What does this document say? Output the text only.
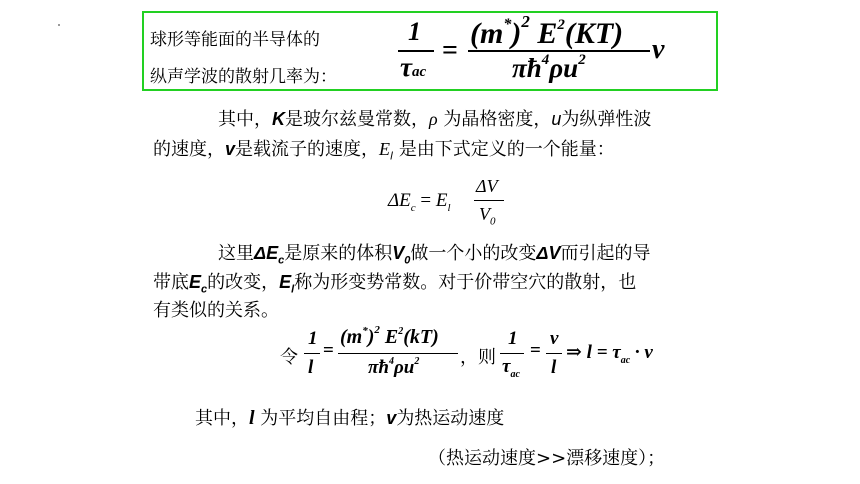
球形等能面的半导体的
纵声学波的散射几率为：
1
τac
=
$(m^*)^2$ $E^2(KT)$
$\pi ħ^4\rho u^2$ v
其中，K是玻尔兹曼常数，ρ 为晶格密度，u为纵弹性波
的速度，v是载流子的速度，$E_l$ 是由下式定义的一个能量：
$\Delta E_c = E_l$
ΔV
$V_0$
这里$\Delta E_c$是原来的体积$V_0$做一个小的改变ΔV而引起的导
带底$E_c$的改变，$E_l$称为形变势常数。对于价带空穴的散射，也
有类似的关系。
令
1
l
=
$(m^*)^2$ $E^2(kT)$
$\pi ħ^4\rho u^2$ ，则
1
$\tau_{ac}$
=
v
l
⇒ $l = \tau_{ac} \cdot v$
其中，l 为平均自由程；v为热运动速度
（热运动速度>>漂移速度）；
